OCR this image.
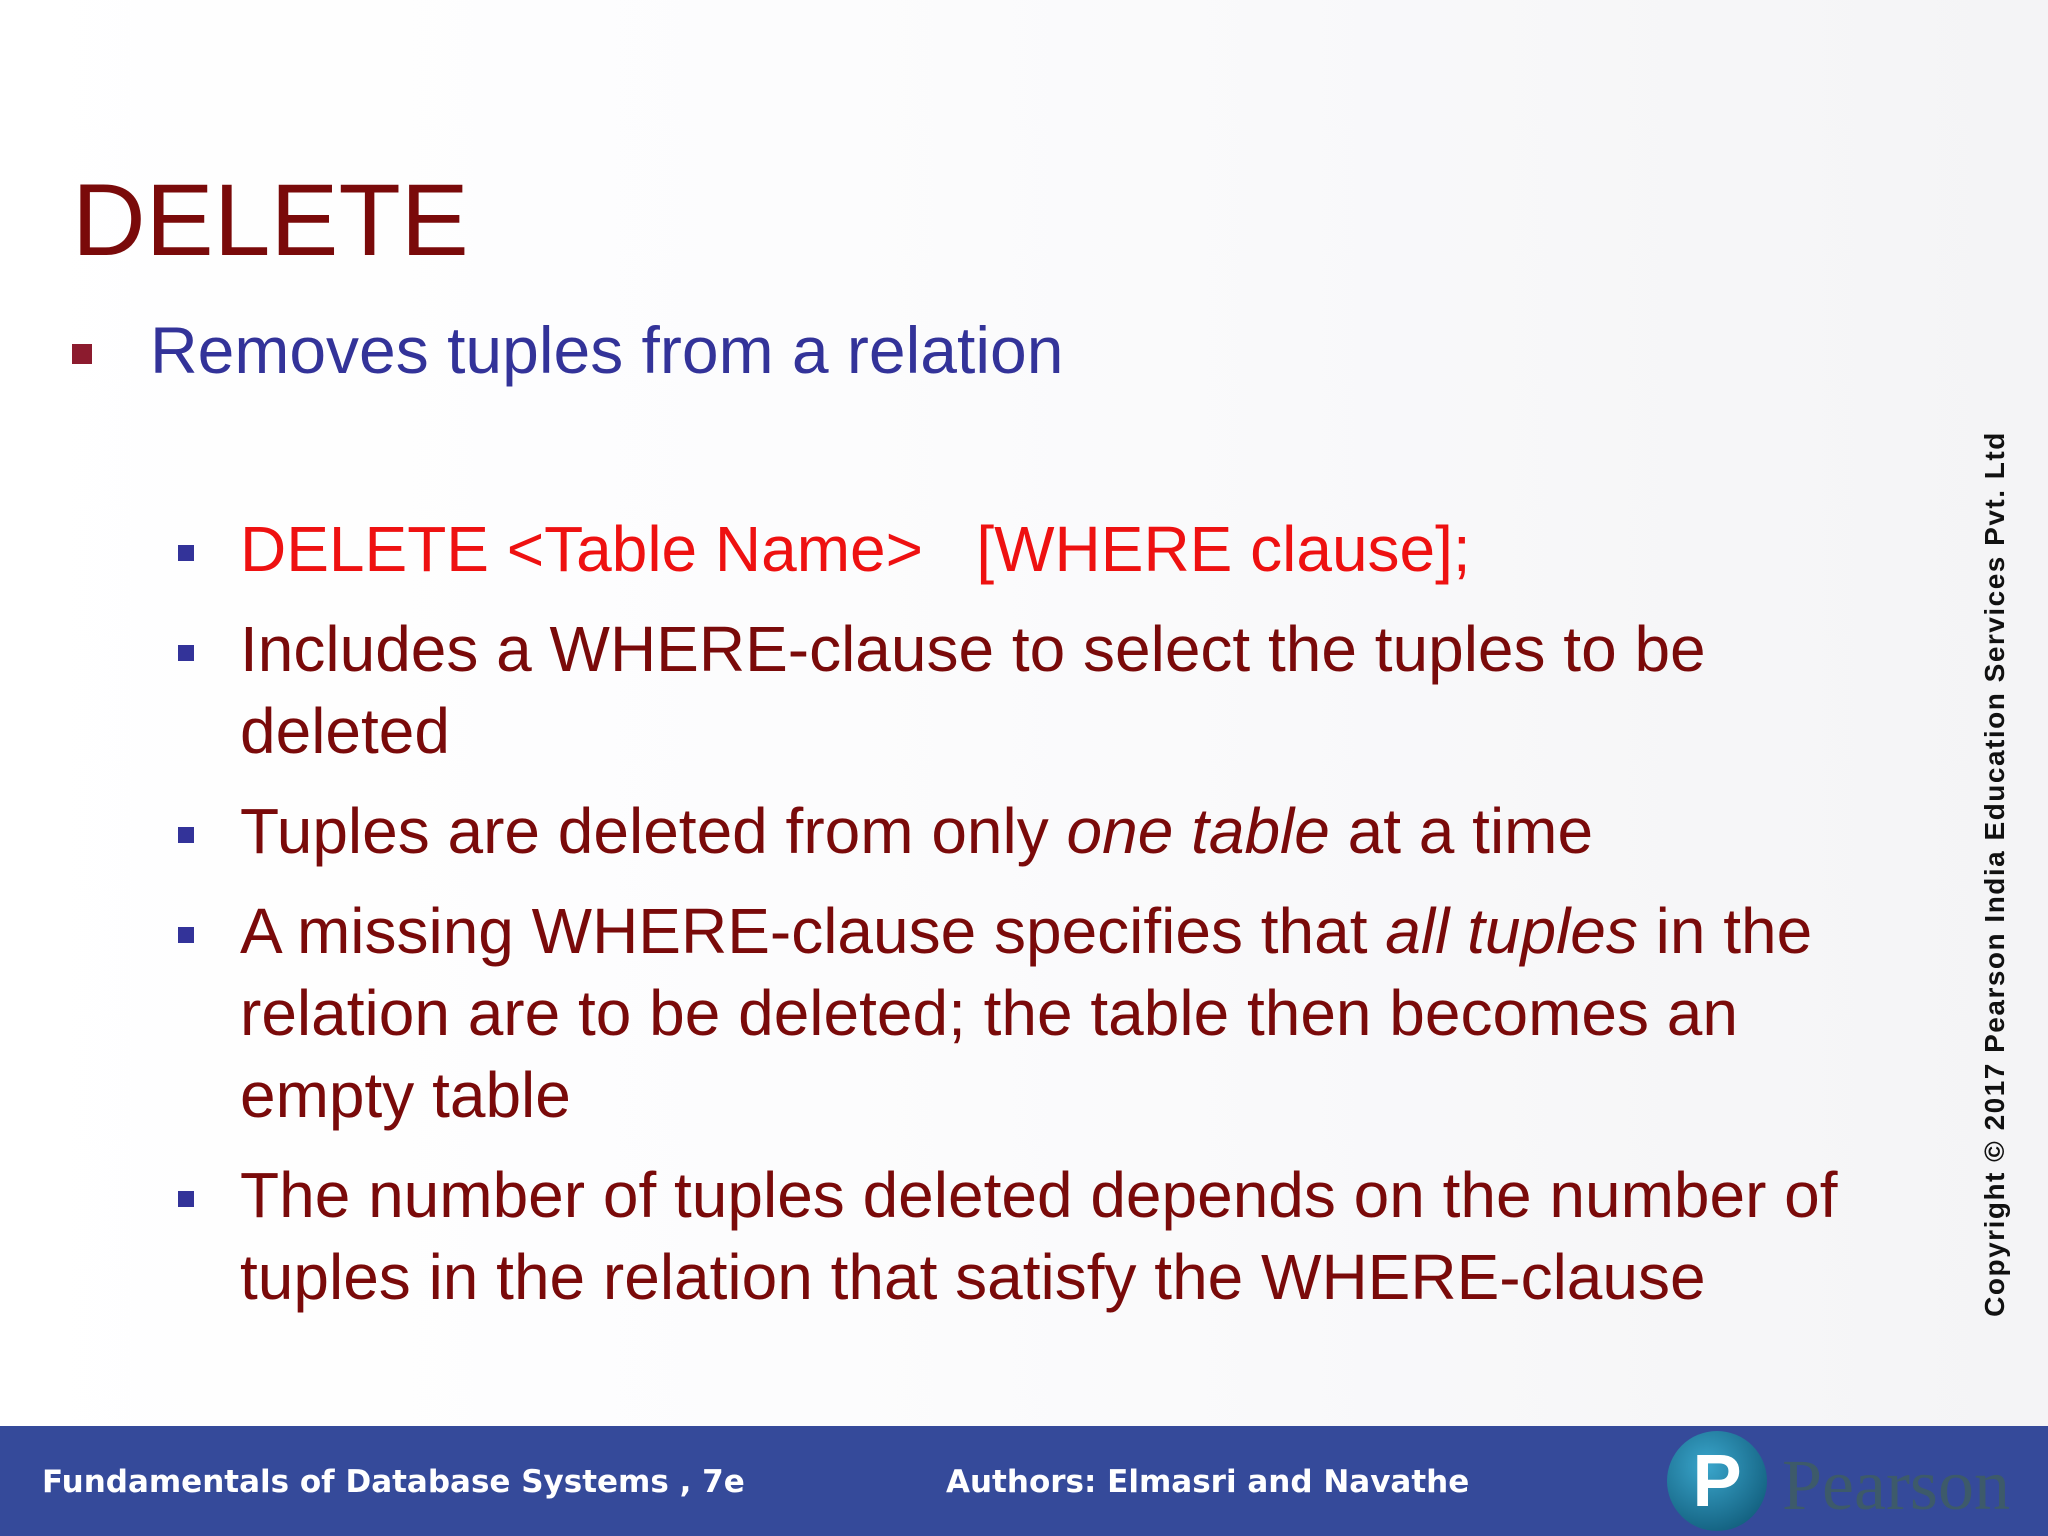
DELETE
Removes tuples from a relation
DELETE <Table Name>   [WHERE clause];
Includes a WHERE-clause to select the tuples to be deleted
Tuples are deleted from only one table at a time
A missing WHERE-clause specifies that all tuples in the relation are to be deleted; the table then becomes an empty table
The number of tuples deleted depends on the number of tuples in the relation that satisfy the WHERE-clause	Copyright © 2017 Pearson India Education Services Pvt. Ltd
Fundamentals of Database Systems , 7e	Authors: Elmasri and Navathe	P Pearson
